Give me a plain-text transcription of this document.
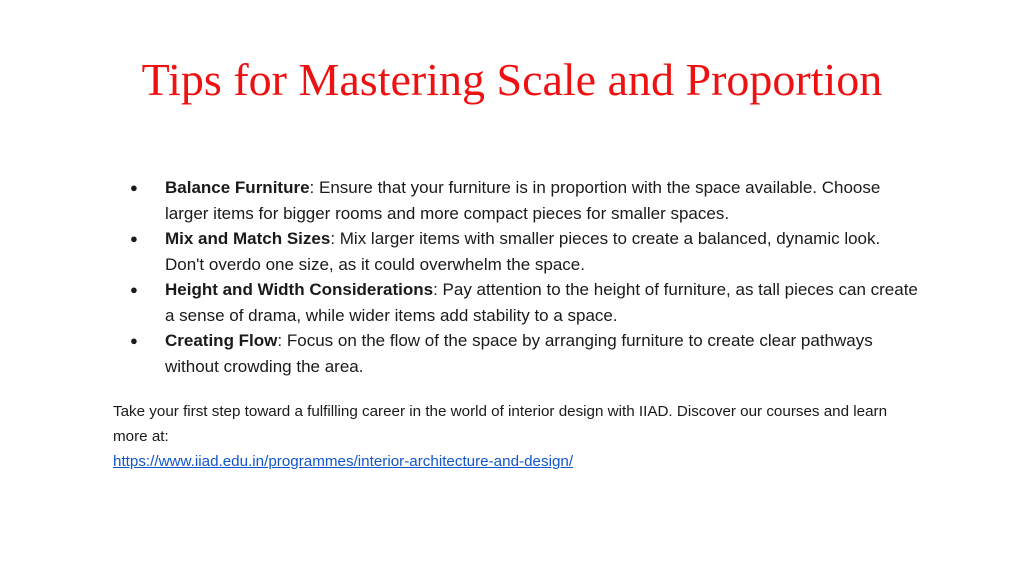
Tips for Mastering Scale and Proportion
●	Balance Furniture: Ensure that your furniture is in proportion with the space available. Choose larger items for bigger rooms and more compact pieces for smaller spaces.
●	Mix and Match Sizes: Mix larger items with smaller pieces to create a balanced, dynamic look. Don't overdo one size, as it could overwhelm the space.
●	Height and Width Considerations: Pay attention to the height of furniture, as tall pieces can create a sense of drama, while wider items add stability to a space.
●	Creating Flow: Focus on the flow of the space by arranging furniture to create clear pathways without crowding the area.

Take your first step toward a fulfilling career in the world of interior design with IIAD. Discover our courses and learn more at:
https://www.iiad.edu.in/programmes/interior-architecture-and-design/
